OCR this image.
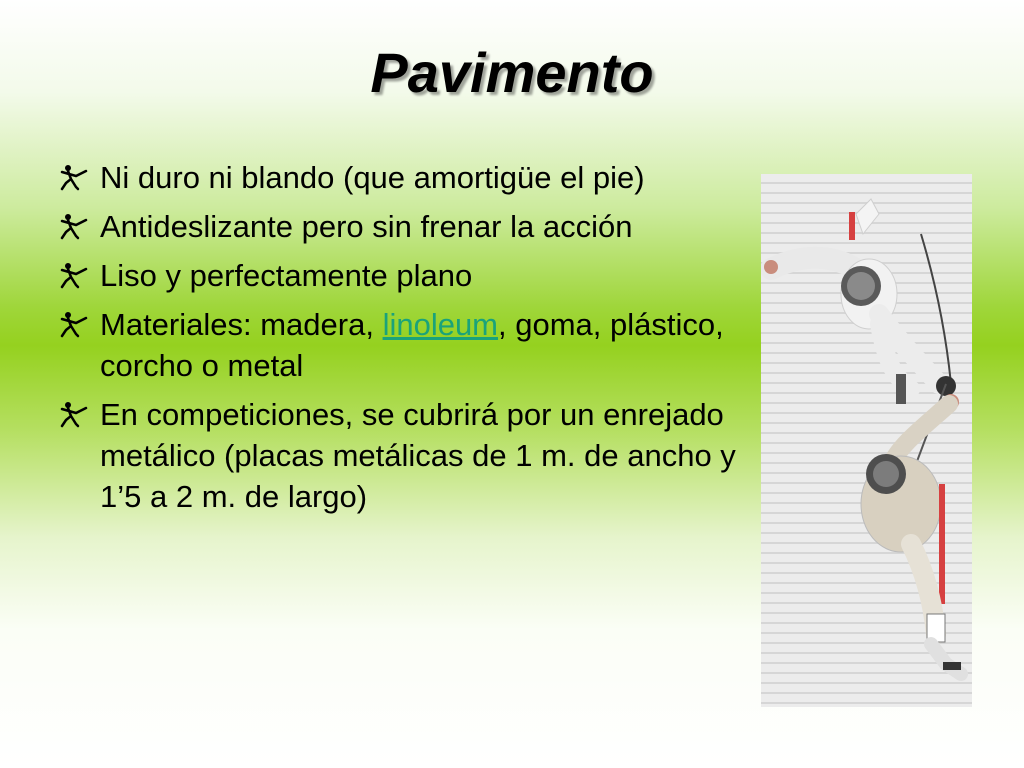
Pavimento
Ni duro ni blando (que amortigüe el pie)
Antideslizante pero sin frenar la acción
Liso y perfectamente plano
Materiales: madera, linoleum, goma, plástico, corcho o metal
En competiciones, se cubrirá por un enrejado metálico (placas metálicas de 1 m. de ancho y 1’5 a 2 m. de largo)
